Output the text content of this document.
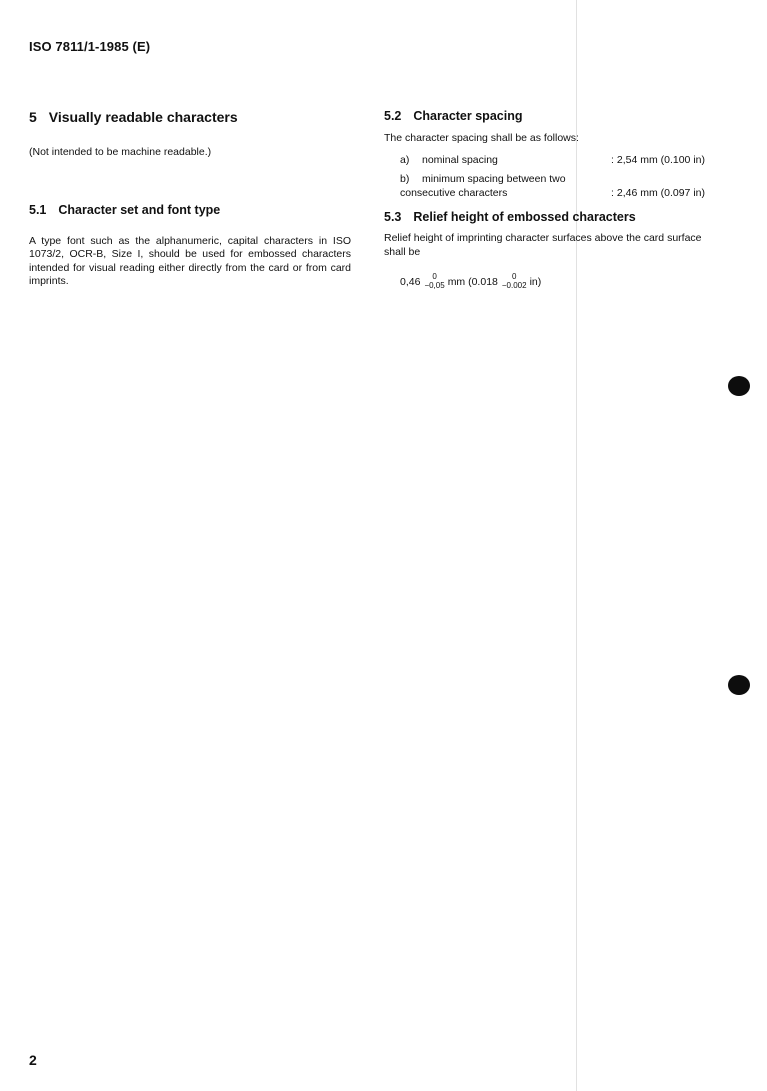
ISO 7811/1-1985 (E)
5 Visually readable characters

(Not intended to be machine readable.)

5.1 Character set and font type

A type font such as the alphanumeric, capital characters in ISO 1073/2, OCR-B, Size I, should be used for embossed characters intended for visual reading either directly from the card or from card imprints.

5.2 Character spacing

The character spacing shall be as follows:

a) nominal spacing	: 2,54 mm (0.100 in)
b) minimum spacing between two
consecutive characters	: 2,46 mm (0.097 in)
5.3 Relief height of embossed characters

Relief height of imprinting character surfaces above the card surface shall be

0,46	0
−0,05 mm (0.018	0
−0.002 in)
2
